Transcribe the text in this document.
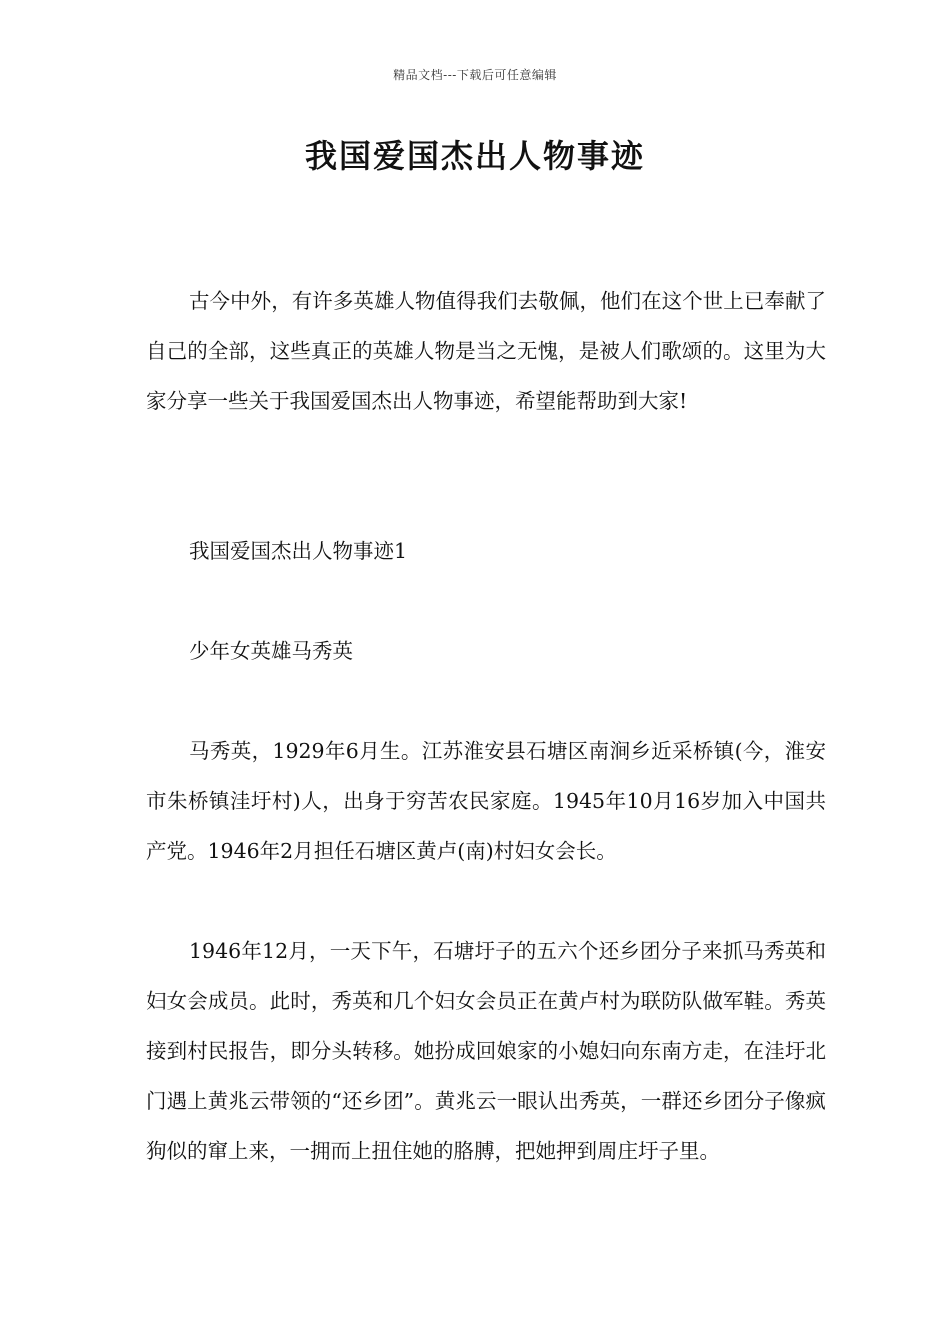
精品文档---下载后可任意编辑
我国爱国杰出人物事迹

古今中外，有许多英雄人物值得我们去敬佩，他们在这个世上已奉献了自己的全部，这些真正的英雄人物是当之无愧，是被人们歌颂的。这里为大家分享一些关于我国爱国杰出人物事迹，希望能帮助到大家!

我国爱国杰出人物事迹1

少年女英雄马秀英

马秀英，1929年6月生。江苏淮安县石塘区南涧乡近采桥镇(今，淮安市朱桥镇洼圩村)人，出身于穷苦农民家庭。1945年10月16岁加入中国共产党。1946年2月担任石塘区黄卢(南)村妇女会长。

1946年12月，一天下午，石塘圩子的五六个还乡团分子来抓马秀英和妇女会成员。此时，秀英和几个妇女会员正在黄卢村为联防队做军鞋。秀英接到村民报告，即分头转移。她扮成回娘家的小媳妇向东南方走，在洼圩北门遇上黄兆云带领的“还乡团”。黄兆云一眼认出秀英，一群还乡团分子像疯狗似的窜上来，一拥而上扭住她的胳膊，把她押到周庄圩子里。
